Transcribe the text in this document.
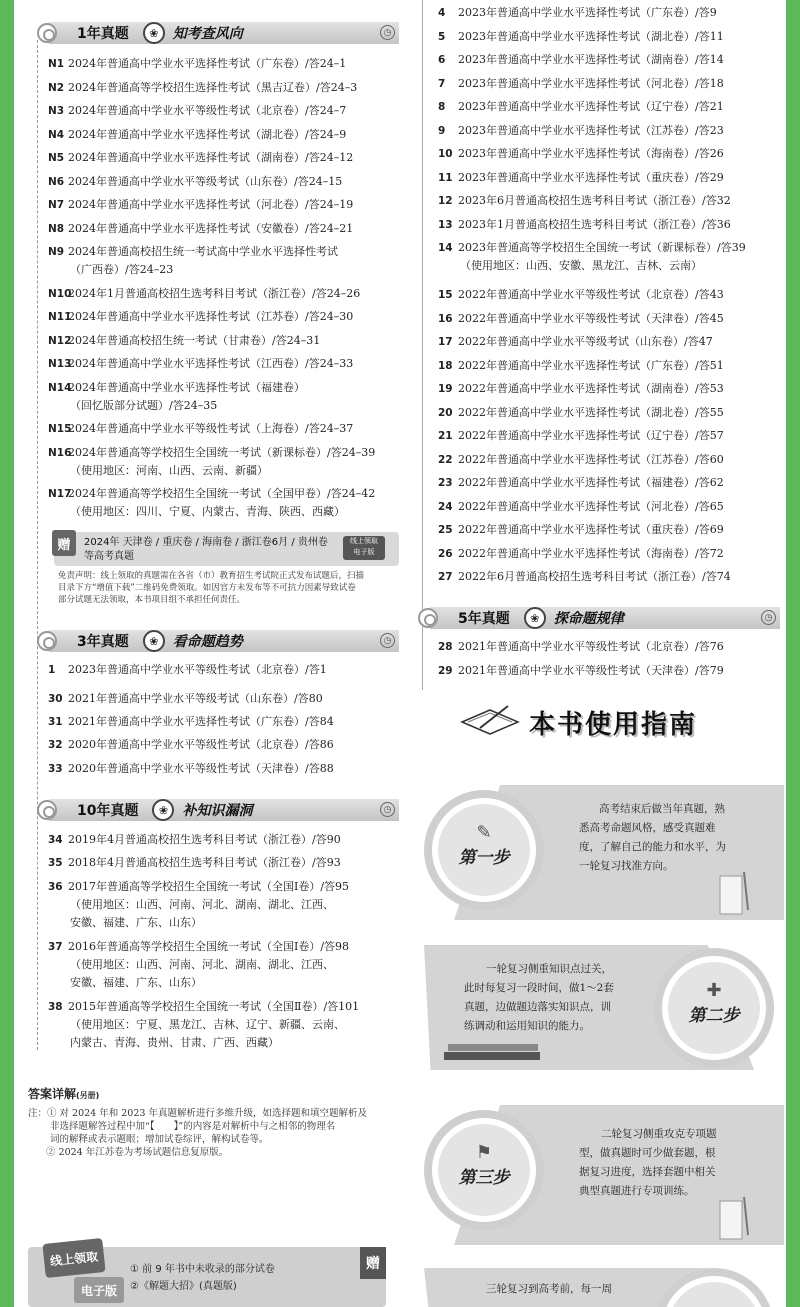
1年真题	❀	知考查风向	◷
N1 2024年普通高中学业水平选择性考试（广东卷）/答24–1
N2 2024年普通高等学校招生选择性考试（黑吉辽卷）/答24–3
N3 2024年普通高中学业水平等级性考试（北京卷）/答24–7
N4 2024年普通高中学业水平选择性考试（湖北卷）/答24–9
N5 2024年普通高中学业水平选择性考试（湖南卷）/答24–12
N6 2024年普通高中学业水平等级考试（山东卷）/答24–15
N7 2024年普通高中学业水平选择性考试（河北卷）/答24–19
N8 2024年普通高中学业水平选择性考试（安徽卷）/答24–21
N9 2024年普通高校招生统一考试高中学业水平选择性考试
（广西卷）/答24–23
N102024年1月普通高校招生选考科目考试（浙江卷）/答24–26
N112024年普通高中学业水平选择性考试（江苏卷）/答24–30
N122024年普通高校招生统一考试（甘肃卷）/答24–31
N132024年普通高中学业水平选择性考试（江西卷）/答24–33
N142024年普通高中学业水平选择性考试（福建卷）
（回忆版部分试题）/答24–35
N152024年普通高中学业水平等级性考试（上海卷）/答24–37
N162024年普通高等学校招生全国统一考试（新课标卷）/答24–39
（使用地区：河南、山西、云南、新疆）
N172024年普通高等学校招生全国统一考试（全国甲卷）/答24–42
（使用地区：四川、宁夏、内蒙古、青海、陕西、西藏）
赠	2024年 天津卷 / 重庆卷 / 海南卷 / 浙江卷6月 / 贵州卷
等高考真题
线上领取
电子版
免责声明：线上领取的真题需在各省（市）教育招生考试院正式发布试题后，扫描
目录下方“增值下载”二维码免费领取。如因官方未发布等不可抗力因素导致试卷
部分试题无法领取，本书项目组不承担任何责任。
3年真题	❀	看命题趋势	◷
1 2023年普通高中学业水平等级性考试（北京卷）/答1
30 2021年普通高中学业水平等级考试（山东卷）/答80
31 2021年普通高中学业水平选择性考试（广东卷）/答84
32 2020年普通高中学业水平等级性考试（北京卷）/答86
33 2020年普通高中学业水平等级性考试（天津卷）/答88
10年真题	❀	补知识漏洞	◷
34 2019年4月普通高校招生选考科目考试（浙江卷）/答90
35 2018年4月普通高校招生选考科目考试（浙江卷）/答93
36 2017年普通高等学校招生全国统一考试（全国Ⅰ卷）/答95
（使用地区：山西、河南、河北、湖南、湖北、江西、
安徽、福建、广东、山东）
37 2016年普通高等学校招生全国统一考试（全国Ⅰ卷）/答98
（使用地区：山西、河南、河北、湖南、湖北、江西、
安徽、福建、广东、山东）
38 2015年普通高等学校招生全国统一考试（全国Ⅱ卷）/答101
（使用地区：宁夏、黑龙江、吉林、辽宁、新疆、云南、
内蒙古、青海、贵州、甘肃、广西、西藏）
答案详解(另册)
注：① 对 2024 年和 2023 年真题解析进行多维升级，如选择题和填空题解析及
非选择题解答过程中加“【　　】”的内容是对解析中与之相邻的物理名
词的解释或表示题眼；增加试卷综评，解构试卷等。
② 2024 年江苏卷为考场试题信息复原版。
线上领取
电子版
① 前 9 年书中未收录的部分试卷
②《解题大招》(真题版)
赠
4 2023年普通高中学业水平选择性考试（广东卷）/答9
5 2023年普通高中学业水平选择性考试（湖北卷）/答11
6 2023年普通高中学业水平选择性考试（湖南卷）/答14
7 2023年普通高中学业水平选择性考试（河北卷）/答18
8 2023年普通高中学业水平选择性考试（辽宁卷）/答21
9 2023年普通高中学业水平选择性考试（江苏卷）/答23
10 2023年普通高中学业水平选择性考试（海南卷）/答26
11 2023年普通高中学业水平选择性考试（重庆卷）/答29
12 2023年6月普通高校招生选考科目考试（浙江卷）/答32
13 2023年1月普通高校招生选考科目考试（浙江卷）/答36
14 2023年普通高等学校招生全国统一考试（新课标卷）/答39
（使用地区：山西、安徽、黑龙江、吉林、云南）
15 2022年普通高中学业水平等级性考试（北京卷）/答43
16 2022年普通高中学业水平等级性考试（天津卷）/答45
17 2022年普通高中学业水平等级考试（山东卷）/答47
18 2022年普通高中学业水平选择性考试（广东卷）/答51
19 2022年普通高中学业水平选择性考试（湖南卷）/答53
20 2022年普通高中学业水平选择性考试（湖北卷）/答55
21 2022年普通高中学业水平选择性考试（辽宁卷）/答57
22 2022年普通高中学业水平选择性考试（江苏卷）/答60
23 2022年普通高中学业水平选择性考试（福建卷）/答62
24 2022年普通高中学业水平选择性考试（河北卷）/答65
25 2022年普通高中学业水平选择性考试（重庆卷）/答69
26 2022年普通高中学业水平选择性考试（海南卷）/答72
27 2022年6月普通高校招生选考科目考试（浙江卷）/答74
5年真题	❀	探命题规律	◷
28 2021年普通高中学业水平等级性考试（北京卷）/答76
29 2021年普通高中学业水平等级性考试（天津卷）/答79
本书使用指南
✎
第一步
高考结束后做当年真题，熟
悉高考命题风格，感受真题难
度，了解自己的能力和水平，为
一轮复习找准方向。
✚
第二步
一轮复习侧重知识点过关，
此时每复习一段时间，做1～2套
真题，边做题边落实知识点，训
练调动和运用知识的能力。
⚑
第三步
二轮复习侧重攻克专项题
型，做真题时可少做套题，根
据复习进度，选择套题中相关
典型真题进行专项训练。
三轮复习到高考前，每一周
